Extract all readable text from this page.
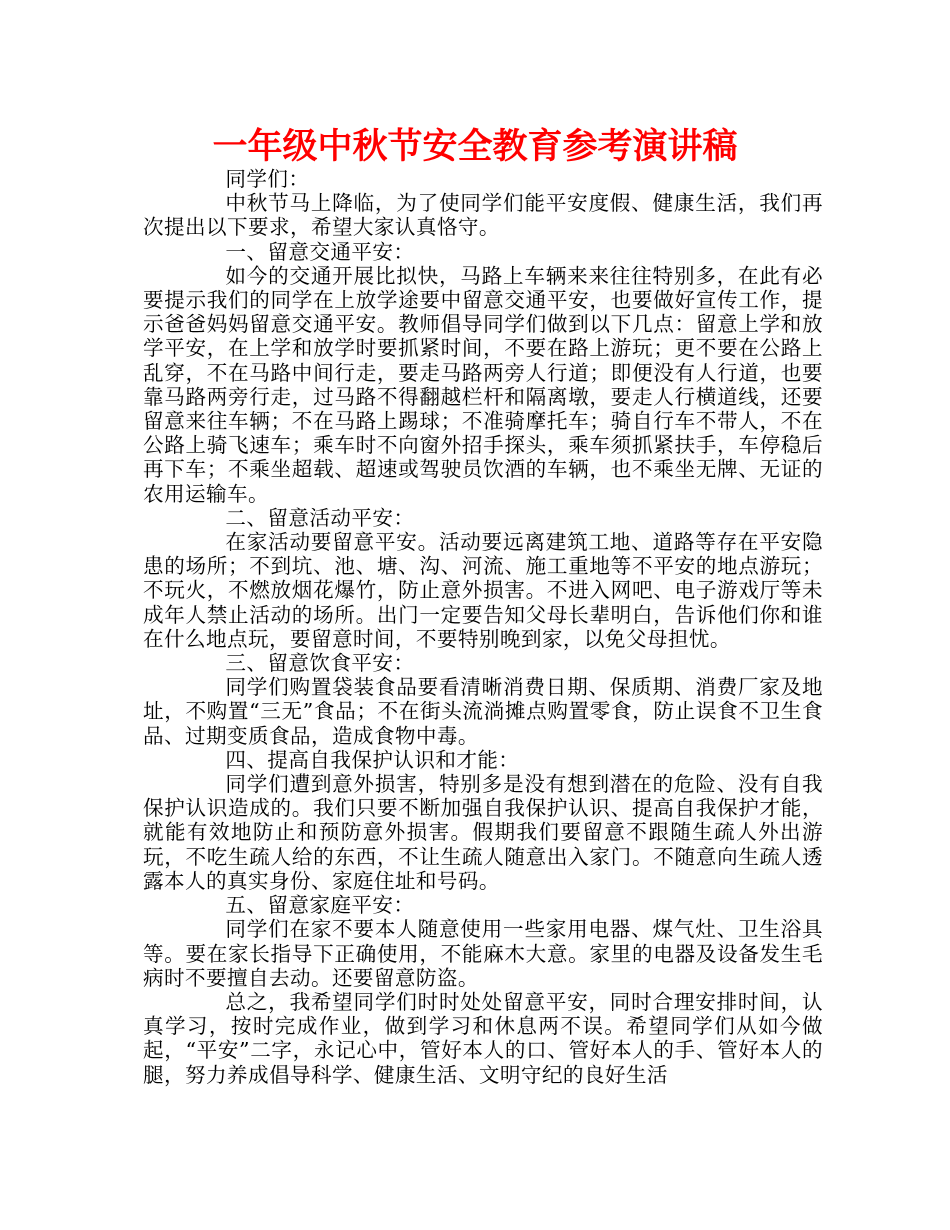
一年级中秋节安全教育参考演讲稿

同学们：

中秋节马上降临，为了使同学们能平安度假、健康生活，我们再次提出以下要求，希望大家认真恪守。

一、留意交通平安：

如今的交通开展比拟快，马路上车辆来来往往特别多，在此有必要提示我们的同学在上放学途要中留意交通平安，也要做好宣传工作，提示爸爸妈妈留意交通平安。教师倡导同学们做到以下几点：留意上学和放学平安，在上学和放学时要抓紧时间，不要在路上游玩；更不要在公路上乱穿，不在马路中间行走，要走马路两旁人行道；即便没有人行道，也要靠马路两旁行走，过马路不得翻越栏杆和隔离墩，要走人行横道线，还要留意来往车辆；不在马路上踢球；不准骑摩托车；骑自行车不带人，不在公路上骑飞速车；乘车时不向窗外招手探头，乘车须抓紧扶手，车停稳后再下车；不乘坐超载、超速或驾驶员饮酒的车辆，也不乘坐无牌、无证的农用运输车。

二、留意活动平安：

在家活动要留意平安。活动要远离建筑工地、道路等存在平安隐患的场所；不到坑、池、塘、沟、河流、施工重地等不平安的地点游玩；不玩火，不燃放烟花爆竹，防止意外损害。不进入网吧、电子游戏厅等未成年人禁止活动的场所。出门一定要告知父母长辈明白，告诉他们你和谁在什么地点玩，要留意时间，不要特别晚到家，以免父母担忧。

三、留意饮食平安：

同学们购置袋装食品要看清晰消费日期、保质期、消费厂家及地址，不购置“三无”食品；不在街头流淌摊点购置零食，防止误食不卫生食品、过期变质食品，造成食物中毒。

四、提高自我保护认识和才能：

同学们遭到意外损害，特别多是没有想到潜在的危险、没有自我保护认识造成的。我们只要不断加强自我保护认识、提高自我保护才能，就能有效地防止和预防意外损害。假期我们要留意不跟随生疏人外出游玩，不吃生疏人给的东西，不让生疏人随意出入家门。不随意向生疏人透露本人的真实身份、家庭住址和号码。

五、留意家庭平安：

同学们在家不要本人随意使用一些家用电器、煤气灶、卫生浴具等。要在家长指导下正确使用，不能麻木大意。家里的电器及设备发生毛病时不要擅自去动。还要留意防盗。

总之，我希望同学们时时处处留意平安，同时合理安排时间，认真学习，按时完成作业，做到学习和休息两不误。希望同学们从如今做起，“平安”二字，永记心中，管好本人的口、管好本人的手、管好本人的腿，努力养成倡导科学、健康生活、文明守纪的良好生活
